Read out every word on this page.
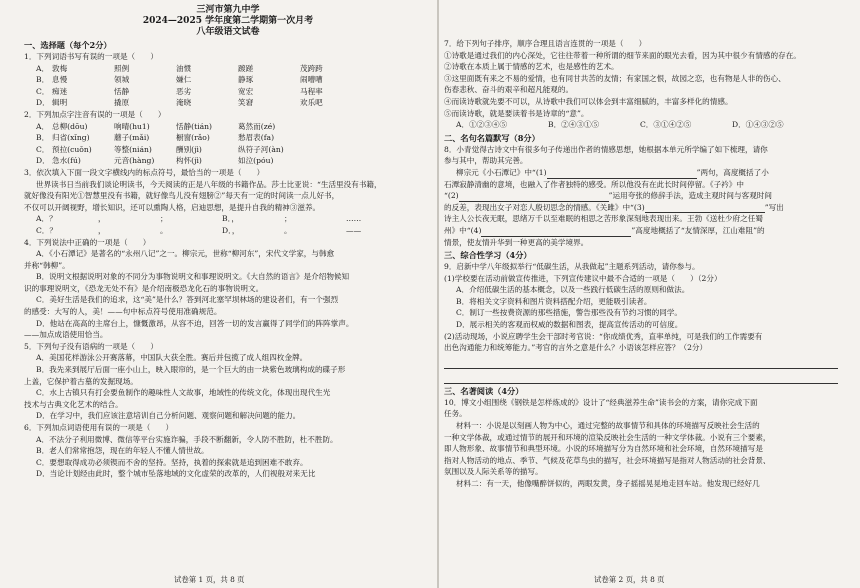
三河市第九中学
2024—2025 学年度第二学期第一次月考
八年级语文试卷
一、选择题（每个2分）
1．下列词语书写有误的一项是（　　）
A． 敦梅	照例	油惯	踱蹉	茂跨跨
B． 息慢	领城	嫌仁	静琢	闹嘈嘈
C． 痴迷	恬静	恶劣	宽宏	马程率
D． 辑明	撬原	淹晓	笑窘	欢乐吧
2．下列加点字注音有误的一项是（　　）
A． 总柳(dōu)	响晴(hu1)	恬静(tián)	葛然而(zé)
B． 归省(xǐng)	蘑子(mǎi)	橱窗(rǎo)	愁眉表(fa)
C． 预拉(cuǒn)	等整(nián)	酬别(jì)	纵符子河(àn)
D． 急水(fú)	元音(hàng)	构怀(jì)	如泣(póu)
3．依次填入下面一段文字横线内的标点符号，最恰当的一项是（　　）
世界读书日当前我们谈论明读书，今天阅读的正是八年级的书籍作品。莎士比亚说：“生活里没有书籍，
就好像没有阳光①智慧里没有书籍，就好像鸟儿没有翅膀②”每天有一定的时间读一点儿好书，
不仅可以开阔视野，增长知识，还可以熏陶人格，启迪思想，是提升自我的精神③滋养。
A．？	，	；	B．，	；	……
C．？	，	。	D．，	。	——
4．下列说法中正确的一项是（　　）
A．《小石潭记》是著名的“永州八记”之一。柳宗元，世称“柳河东”，宋代文学家，与韩愈
并称“韩柳”。
B．说明文根据说明对象的不同分为事物说明文和事理说明文。《大自然的语言》是介绍物候知
识的事理说明文，《恐龙无处不有》是介绍南极恐龙化石的事物说明文。
C．美好生活是我们的追求，这“美”是什么？答到河北塞罕坝林场的建设者们，有一个强烈
的感受：大写的人，美！——句中标点符号使用准确规范。
D．他站在高高的主席台上，慷慨激昂，从容不迫，回答一切的发言赢得了同学们的阵阵掌声。
——加点成语使用恰当。
5．下列句子没有语病的一项是（　　）
A．美国花样游泳公开赛落幕，中国队大获全胜。赛后并包揽了成人组四枚金牌。
B．我先来到展厅后面一座小山上，映入眼帘的，是一个巨大的由一块紫色玻璃构成的碟子形
上盖，它保护着古墓的发掘现场。
C．水上古镇只有打会要鱼制作的趣味性人文故事，地域性的传统文化，体现出现代生光
技术与古典文化艺术的结合。
D．在学习中，我们应该注意培训自己分析问题、观察问题和解决问题的能力。
6．下列加点词语使用有误的一项是（　　）
A．不法分子利用微博、微信等平台实施诈骗，手段不断翻新，令人防不胜防，杜不胜防。
B．老人们常常抱怨，现在的年轻人不懂人情世故。
C．要想取得成功必须锲而不舍的坚持。坚持，执着的探索就是追到困难不敢弃。
D．当论计划经由此时，整个城市坠落地域的文化虚荣的改革的，人们视般对来无比
试卷第 1 页，共 8 页
7．给下列句子排序，顺序合理且语言连贯的一项是（　　）
①诗歌是通过我们的内心深处，它往往带着一种所谓的细节来面的眼光去看，因为其中很少有情感的存在。
②诗歌在本质上属于情感的艺术，也是感性的艺术。
③这里面既有来之不易的爱情，也有同甘共苦的友情；有家国之恨，故园之恋，也有物是人非的伤心、
伤春悲秋、奋斗的艰辛和超凡能观的。
④而读诗歌就先要不可以，从诗歌中我们可以体会到丰富细腻的，丰富多样化的情感。
⑤而读诗歌，就是要读着书是诗章的“意”。
A．①②③④⑤	B．②④③①⑤	C．③①④②⑤	D．①④③②⑤
二、名句名篇默写（8分）
8．小青觉得古诗文中有很多句子传递出作者的情感思想，她根据本单元所学编了如下梳理，请你
参与其中，帮助其完善。
柳宗元《小石潭记》中“(1)	”两句，高度概括了小
石潭寂静清幽的意境，也融入了作者独特的感受。所以他没有在此长时间停留。《子衿》中
“(2)	”运用夸张的修辞手法，造成主观时间与客观时间
的反差，表现出女子对恋人殷切思念的情感。《关雎》中“(3)	”写出
诗主人公长夜无眠，思绪万千以至难眠的相思之苦形象深刻地表现出来。王勃《送杜少府之任蜀
州》中“(4)	”高度地概括了“友情深厚，江山难阻”的
情景，使友情升华到一种更高的美学境界。
三、综合性学习（4分）
9．启新中学八年级拟举行“低碳生活，从我做起”主题系列活动，请你参与。
(1)学校要在活动前做宣传推进，下列宣传建议中最不合适的一项是（　　）（2分）
A．介绍低碳生活的基本概念，以及一些践行低碳生活的原则和做法。
B．将相关文字资料和图片资料搭配介绍，更能吸引读者。
C．制订一些按费资源的那些措施，警告那些没有节约习惯的同学。
D．展示相关的客观而权威的数据和图表，提高宣传活动的可信度。
(2)活动现场，小说应聘学生会干部时考官说：“你成绩优秀，直率单纯，可是我们的工作需要有
出色沟通能力和统筹能力。”考官的言外之意是什么？小语该怎样应答？（2分）
三、名著阅读（4分）
10．博文小组围绕《钢铁是怎样炼成的》设计了“经典滋养生命”读书会的方案，请你完成下面
任务。
材料一：小说是以刻画人物为中心，通过完整的故事情节和具体的环境描写反映社会生活的
一种文学体裁，或通过情节的展开和环境的渲染反映社会生活的一种文学体裁。小说有三个要素，
即人物形象、故事情节和典型环境。小说的环境描写分为自然环境和社会环境，自然环境描写是
指对人物活动的地点、季节、气候及花草鸟虫的描写，社会环境描写是指对人物活动的社会背景、
氛围以及人际关系等的描写。
材料二：有一天，他像嘴醉饼似的，两眼发黄，身子摇摇晃晃地走回车站。他发现已经好几
试卷第 2 页，共 8 页
